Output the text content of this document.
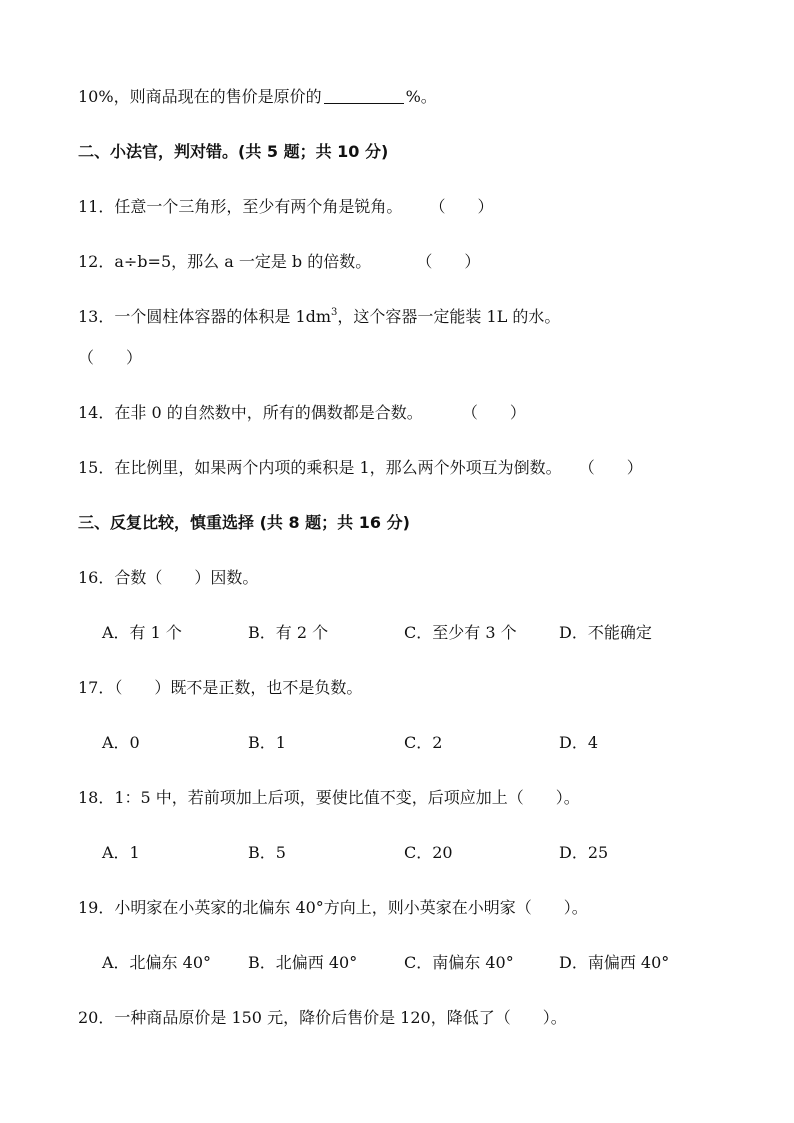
10%，则商品现在的售价是原价的	%。
二、小法官，判对错。(共 5 题；共 10 分)
11．任意一个三角形，至少有两个角是锐角。 （　　）
12．a÷b=5，那么 a 一定是 b 的倍数。	（　　）
13．一个圆柱体容器的体积是 $1dm^3$，这个容器一定能装 1L 的水。
（　　）
14．在非 0 的自然数中，所有的偶数都是合数。 （　　）
15．在比例里，如果两个内项的乘积是 1，那么两个外项互为倒数。 （　　）
三、反复比较，慎重选择 (共 8 题；共 16 分)
16．合数（　　）因数。
A．有 1 个	B．有 2 个	C．至少有 3 个	D．不能确定
17．（　　）既不是正数，也不是负数。
A．0	B．1	C．2	D．4
18．1：5 中，若前项加上后项，要使比值不变，后项应加上（　　）。
A．1	B．5	C．20	D．25
19．小明家在小英家的北偏东 40°方向上，则小英家在小明家（　　）。
A．北偏东 40° B．北偏西 40°	C．南偏东 40°	D．南偏西 40°
20．一种商品原价是 150 元，降价后售价是 120，降低了（　　）。
